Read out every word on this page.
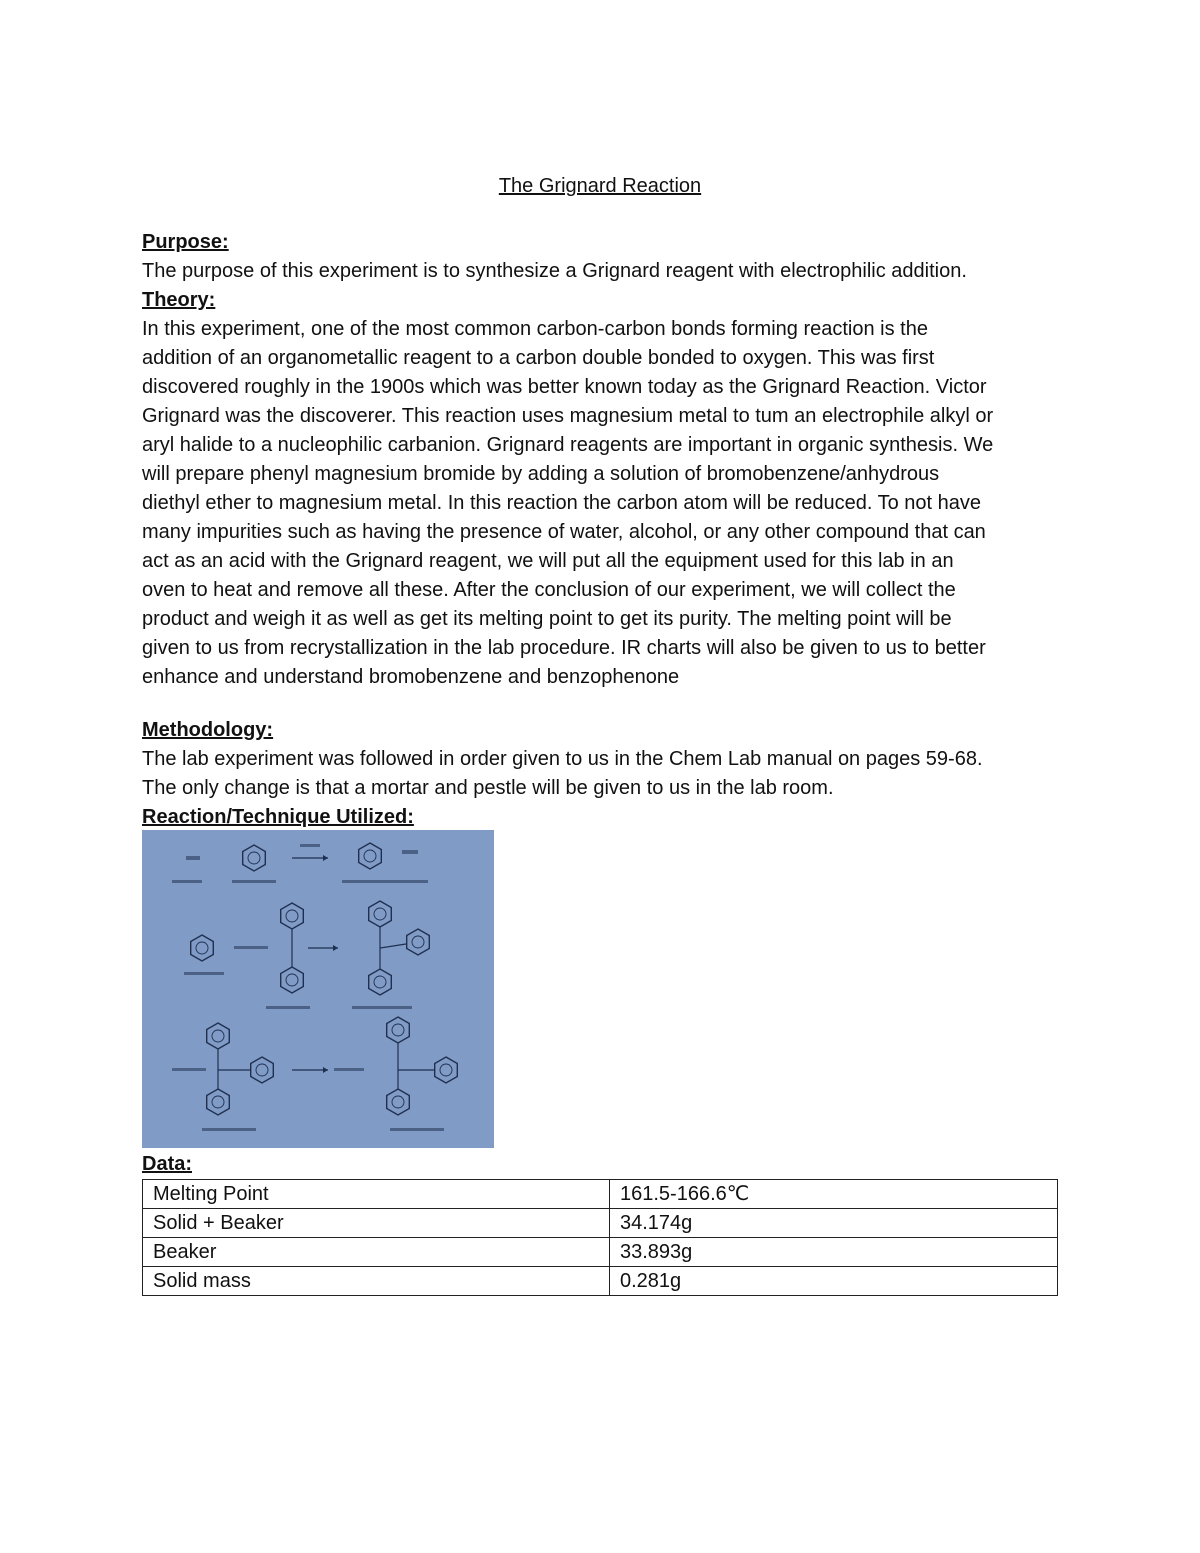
The Grignard Reaction
Purpose:
The purpose of this experiment is to synthesize a Grignard reagent with electrophilic addition.
Theory:
In this experiment, one of the most common carbon-carbon bonds forming reaction is the
addition of an organometallic reagent to a carbon double bonded to oxygen. This was first
discovered roughly in the 1900s which was better known today as the Grignard Reaction. Victor
Grignard was the discoverer. This reaction uses magnesium metal to tum an electrophile alkyl or
aryl halide to a nucleophilic carbanion. Grignard reagents are important in organic synthesis. We
will prepare phenyl magnesium bromide by adding a solution of bromobenzene/anhydrous
diethyl ether to magnesium metal. In this reaction the carbon atom will be reduced. To not have
many impurities such as having the presence of water, alcohol, or any other compound that can
act as an acid with the Grignard reagent, we will put all the equipment used for this lab in an
oven to heat and remove all these. After the conclusion of our experiment, we will collect the
product and weigh it as well as get its melting point to get its purity. The melting point will be
given to us from recrystallization in the lab procedure. IR charts will also be given to us to better
enhance and understand bromobenzene and benzophenone
Methodology:
The lab experiment was followed in order given to us in the Chem Lab manual on pages 59-68.
The only change is that a mortar and pestle will be given to us in the lab room.
Reaction/Technique Utilized:
Data:
Melting Point	161.5-166.6℃
Solid + Beaker	34.174g
Beaker	33.893g
Solid mass	0.281g
